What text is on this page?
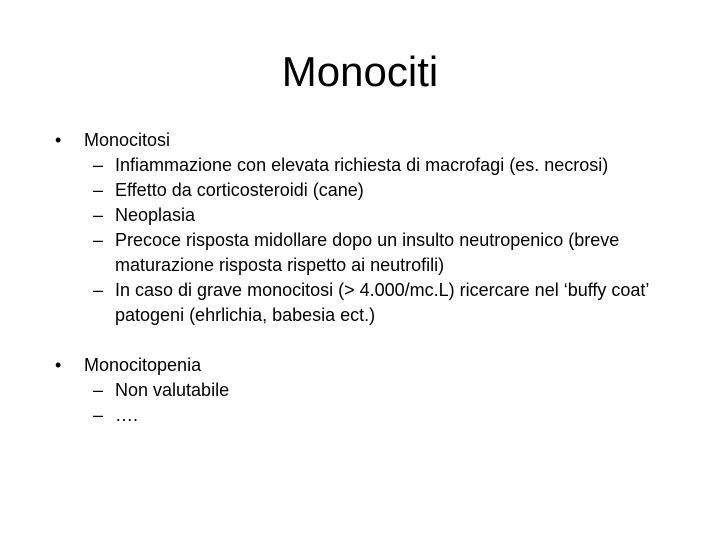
Monociti
• Monocitosi
– Infiammazione con elevata richiesta di macrofagi (es. necrosi)
– Effetto da corticosteroidi (cane)
– Neoplasia
– Precoce risposta midollare dopo un insulto neutropenico (breve maturazione risposta rispetto ai neutrofili)
– In caso di grave monocitosi (> 4.000/mc.L) ricercare nel ‘buffy coat’ patogeni (ehrlichia, babesia ect.)
• Monocitopenia
– Non valutabile
– ….
